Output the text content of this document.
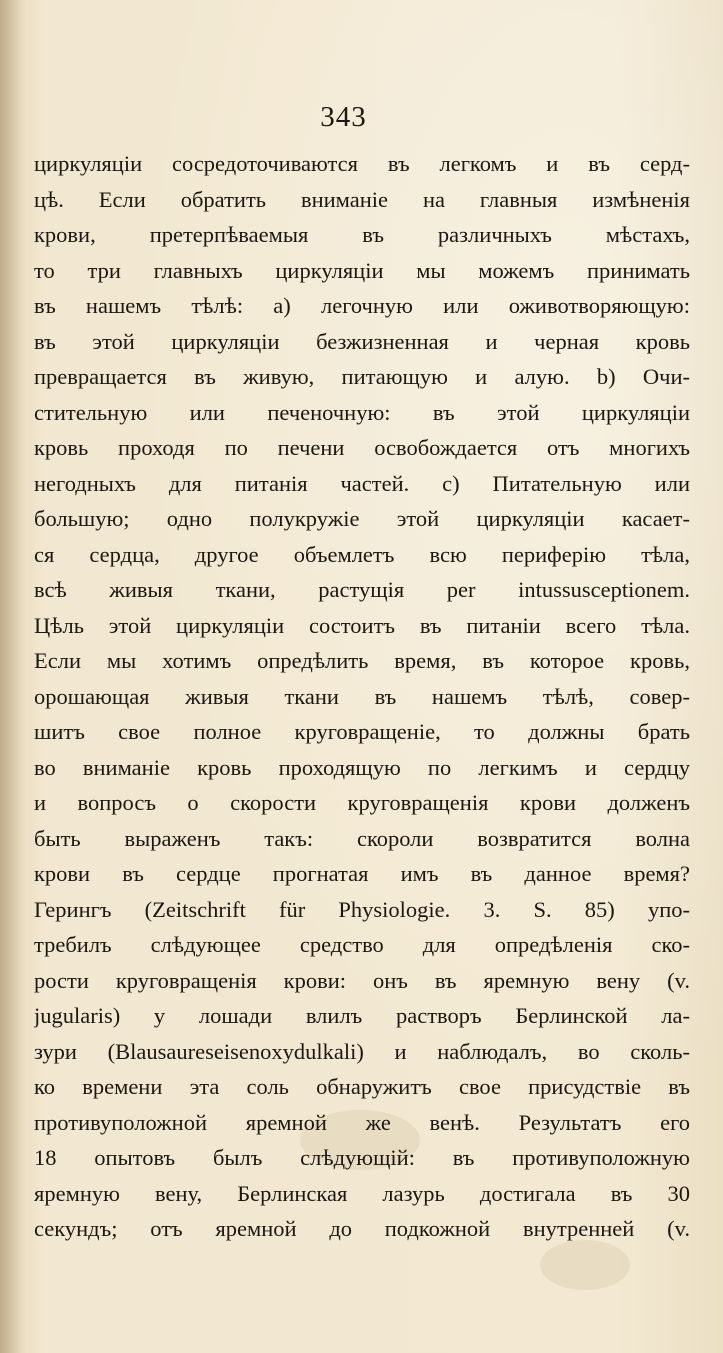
343
циркуляціи сосредоточиваются въ легкомъ и въ серд-
цѣ. Если обратить вниманіе на главныя измѣненія
крови, претерпѣваемыя въ различныхъ мѣстахъ,
то три главныхъ циркуляціи мы можемъ принимать
въ нашемъ тѣлѣ: а) легочную или оживотворяющую:
въ этой циркуляціи безжизненная и черная кровь
превращается въ живую, питающую и алую. b) Очи-
стительную или печеночную: въ этой циркуляціи
кровь проходя по печени освобождается отъ многихъ
негодныхъ для питанія частей. с) Питательную или
большую; одно полукружіе этой циркуляціи касает-
ся сердца, другое объемлетъ всю периферію тѣла,
всѣ живыя ткани, растущія per intussusceptionem.
Цѣль этой циркуляціи состоитъ въ питаніи всего тѣла.
Если мы хотимъ опредѣлить время, въ которое кровь,
орошающая живыя ткани въ нашемъ тѣлѣ, совер-
шитъ свое полное круговращеніе, то должны брать
во вниманіе кровь проходящую по легкимъ и сердцу
и вопросъ о скорости круговращенія крови долженъ
быть выраженъ такъ: скороли возвратится волна
крови въ сердце прогнатая имъ въ данное время?
Герингъ (Zeitschrift für Physiologie. 3. S. 85) упо-
требилъ слѣдующее средство для опредѣленія ско-
рости круговращенія крови: онъ въ яремную вену (v.
jugularis) у лошади влилъ растворъ Берлинской ла-
зури (Blausaureseisenoxydulkali) и наблюдалъ, во сколь-
ко времени эта соль обнаружитъ свое присудствіе въ
противуположной яремной же венѣ. Результатъ его
18 опытовъ былъ слѣдующій: въ противуположную
яремную вену, Берлинская лазурь достигала въ 30
секундъ; отъ яремной до подкожной внутренней (v.
